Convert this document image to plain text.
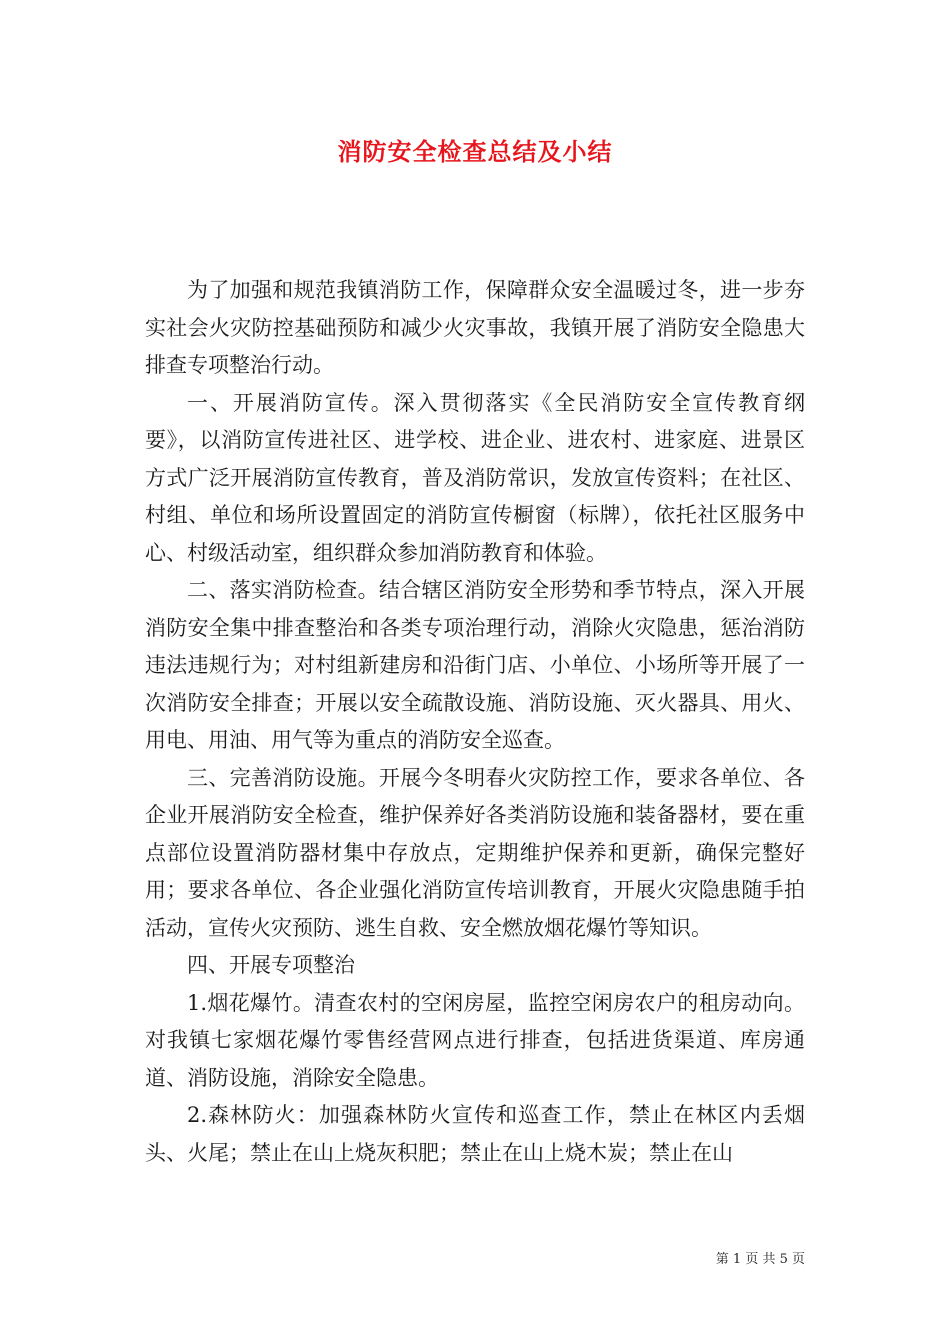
消防安全检查总结及小结

为了加强和规范我镇消防工作，保障群众安全温暖过冬，进一步夯实社会火灾防控基础预防和减少火灾事故，我镇开展了消防安全隐患大排查专项整治行动。

一、开展消防宣传。深入贯彻落实《全民消防安全宣传教育纲要》，以消防宣传进社区、进学校、进企业、进农村、进家庭、进景区方式广泛开展消防宣传教育，普及消防常识，发放宣传资料；在社区、村组、单位和场所设置固定的消防宣传橱窗（标牌），依托社区服务中心、村级活动室，组织群众参加消防教育和体验。

二、落实消防检查。结合辖区消防安全形势和季节特点，深入开展消防安全集中排查整治和各类专项治理行动，消除火灾隐患，惩治消防违法违规行为；对村组新建房和沿街门店、小单位、小场所等开展了一次消防安全排查；开展以安全疏散设施、消防设施、灭火器具、用火、用电、用油、用气等为重点的消防安全巡查。

三、完善消防设施。开展今冬明春火灾防控工作，要求各单位、各企业开展消防安全检查，维护保养好各类消防设施和装备器材，要在重点部位设置消防器材集中存放点，定期维护保养和更新，确保完整好用；要求各单位、各企业强化消防宣传培训教育，开展火灾隐患随手拍活动，宣传火灾预防、逃生自救、安全燃放烟花爆竹等知识。

四、开展专项整治

1.烟花爆竹。清查农村的空闲房屋，监控空闲房农户的租房动向。对我镇七家烟花爆竹零售经营网点进行排查，包括进货渠道、库房通道、消防设施，消除安全隐患。

2.森林防火：加强森林防火宣传和巡查工作，禁止在林区内丢烟头、火尾；禁止在山上烧灰积肥；禁止在山上烧木炭；禁止在山

第 1 页 共 5 页
